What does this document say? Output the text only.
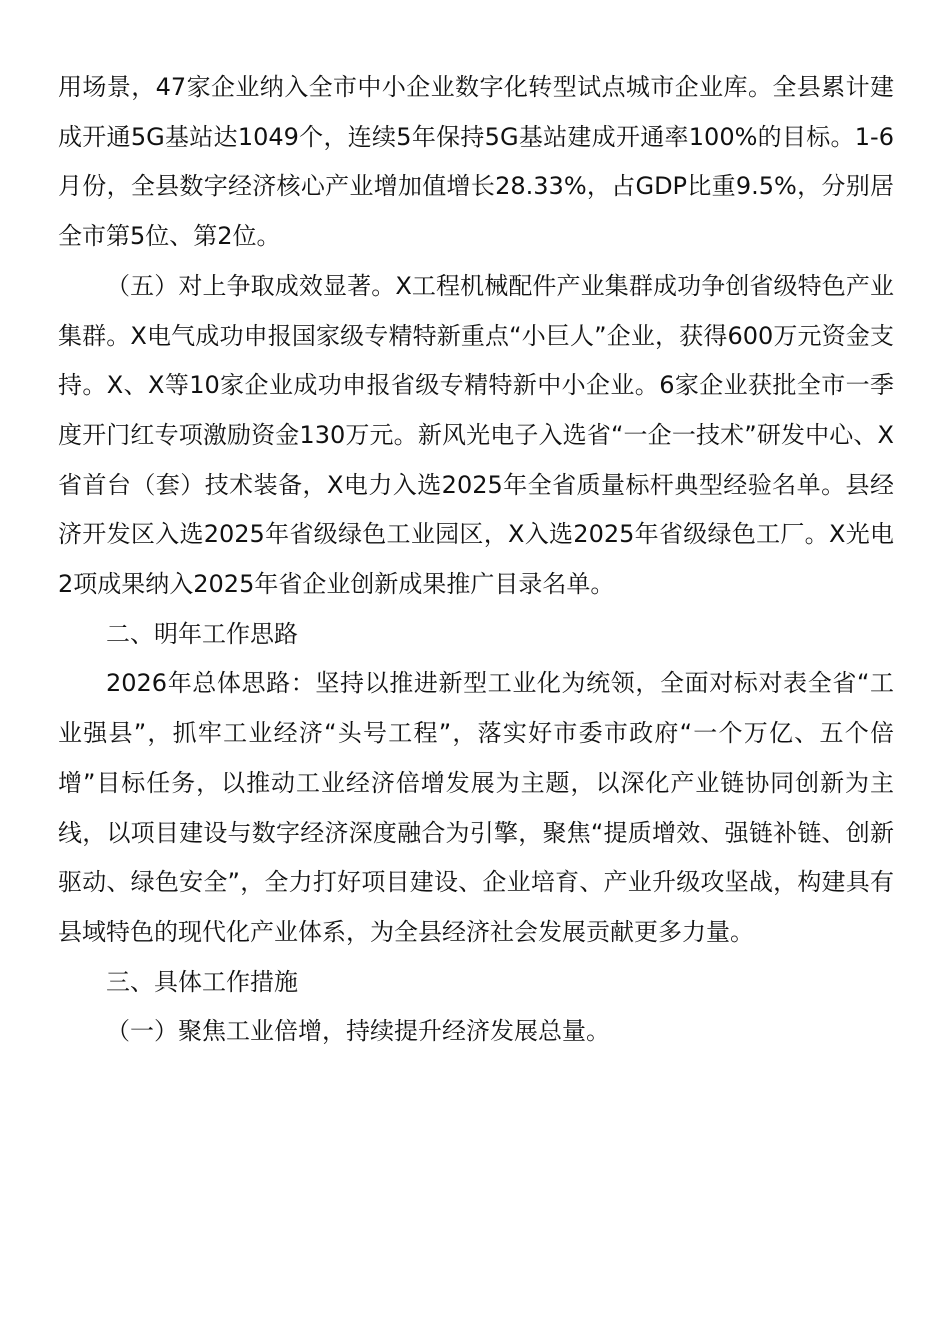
用场景，47家企业纳入全市中小企业数字化转型试点城市企业库。全县累计建成开通5G基站达1049个，连续5年保持5G基站建成开通率100%的目标。1-6月份，全县数字经济核心产业增加值增长28.33%，占GDP比重9.5%，分别居全市第5位、第2位。

（五）对上争取成效显著。X工程机械配件产业集群成功争创省级特色产业集群。X电气成功申报国家级专精特新重点“小巨人”企业，获得600万元资金支持。X、X等10家企业成功申报省级专精特新中小企业。6家企业获批全市一季度开门红专项激励资金130万元。新风光电子入选省“一企一技术”研发中心、X省首台（套）技术装备，X电力入选2025年全省质量标杆典型经验名单。县经济开发区入选2025年省级绿色工业园区，X入选2025年省级绿色工厂。X光电2项成果纳入2025年省企业创新成果推广目录名单。

二、明年工作思路

2026年总体思路：坚持以推进新型工业化为统领，全面对标对表全省“工业强县”，抓牢工业经济“头号工程”，落实好市委市政府“一个万亿、五个倍增”目标任务，以推动工业经济倍增发展为主题，以深化产业链协同创新为主线，以项目建设与数字经济深度融合为引擎，聚焦“提质增效、强链补链、创新驱动、绿色安全”，全力打好项目建设、企业培育、产业升级攻坚战，构建具有县域特色的现代化产业体系，为全县经济社会发展贡献更多力量。

三、具体工作措施

（一）聚焦工业倍增，持续提升经济发展总量。
